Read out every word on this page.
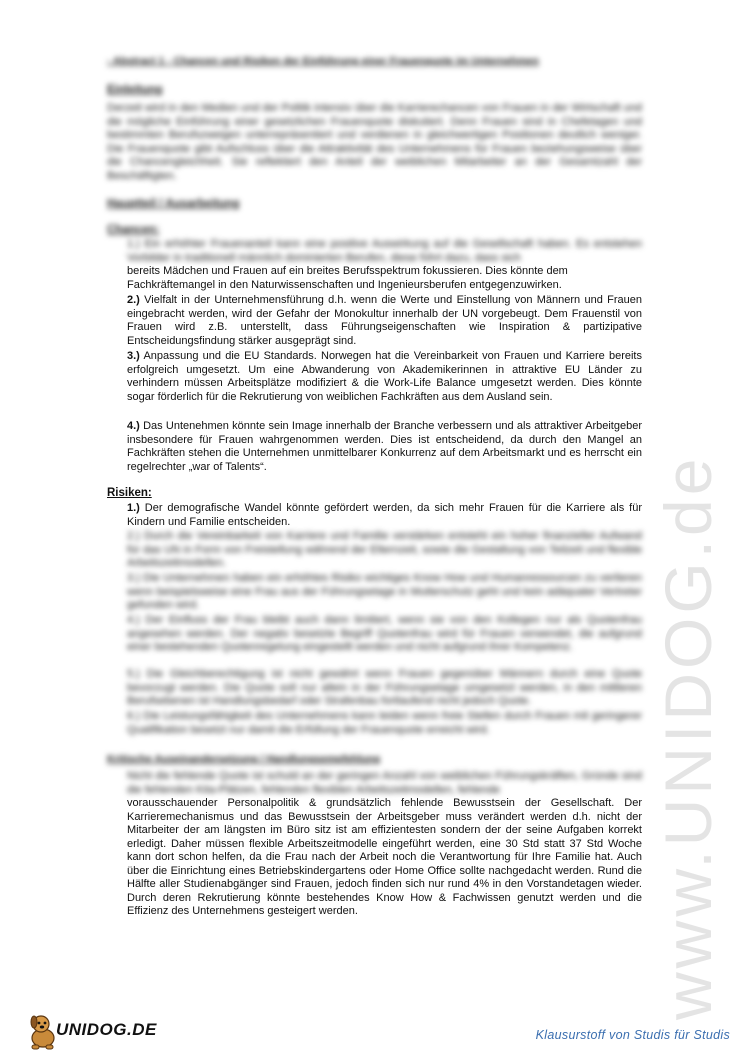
www.UNIDOG.de
- Abstract 1 - Chancen und Risiken der Einführung einer Frauenquote im Unternehmen
Einleitung

Derzeit wird in den Medien und der Politik intensiv über die Karrierechancen von Frauen in der Wirtschaft und die mögliche Einführung einer gesetzlichen Frauenquote diskutiert. Denn Frauen sind in Chefetagen und bestimmten Berufszweigen unterrepräsentiert und verdienen in gleichwertigen Positionen deutlich weniger. Die Frauenquote gibt Aufschluss über die Attraktivität des Unternehmens für Frauen beziehungsweise über die Chancengleichheit. Sie reflektiert den Anteil der weiblichen Mitarbeiter an der Gesamtzahl der Beschäftigten.

Hauptteil / Ausarbeitung
Chancen:

1.) Ein erhöhter Frauenanteil kann eine positive Auswirkung auf die Gesellschaft haben. Es entstehen Vorbilder in traditionell männlich dominierten Berufen, diese führt dazu, dass sich

bereits Mädchen und Frauen auf ein breites Berufsspektrum fokussieren. Dies könnte dem

Fachkräftemangel in den Naturwissenschaften und Ingenieursberufen entgegenzuwirken.

2.) Vielfalt in der Unternehmensführung d.h. wenn die Werte und Einstellung von Männern und Frauen eingebracht werden, wird der Gefahr der Monokultur innerhalb der UN vorgebeugt. Dem Frauenstil von Frauen wird z.B. unterstellt, dass Führungseigenschaften wie Inspiration & partizipative Entscheidungsfindung stärker ausgeprägt sind.

3.) Anpassung und die EU Standards. Norwegen hat die Vereinbarkeit von Frauen und Karriere bereits erfolgreich umgesetzt. Um eine Abwanderung von Akademikerinnen in attraktive EU Länder zu verhindern müssen Arbeitsplätze modifiziert & die Work-Life Balance umgesetzt werden. Dies könnte sogar förderlich für die Rekrutierung von weiblichen Fachkräften aus dem Ausland sein.

4.) Das Untenehmen könnte sein Image innerhalb der Branche verbessern und als attraktiver Arbeitgeber insbesondere für Frauen wahrgenommen werden. Dies ist entscheidend, da durch den Mangel an Fachkräften stehen die Unternehmen unmittelbarer Konkurrenz auf dem Arbeitsmarkt und es herrscht ein regelrechter „war of Talents“.

Risiken:

1.) Der demografische Wandel könnte gefördert werden, da sich mehr Frauen für die Karriere als für Kindern und Familie entscheiden.

2.) Durch die Vereinbarkeit von Karriere und Familie verstärken entsteht ein hoher finanzieller Aufwand für das UN in Form von Freistellung während der Elternzeit, sowie die Gestaltung von Teilzeit und flexible Arbeitszeitmodellen.

3.) Die Unternehmen haben ein erhöhtes Risiko wichtiges Know How und Humanressourcen zu verlieren wenn beispielsweise eine Frau aus der Führungsetage in Mutterschutz geht und kein adäquater Vertreter gefunden wird.

4.) Der Einfluss der Frau bleibt auch dann limitiert, wenn sie von den Kollegen nur als Quotenfrau angesehen werden. Der negativ besetzte Begriff Quotenfrau wird für Frauen verwendet, die aufgrund einer bestehenden Quotenregelung eingestellt werden und nicht aufgrund ihrer Kompetenz.

5.) Die Gleichberechtigung ist nicht gewährt wenn Frauen gegenüber Männern durch eine Quote bevorzugt werden. Die Quote soll nur allein in der Führungsetage umgesetzt werden, in den mittleren Berufsebenen ist Handlungsbedarf oder Strafenbau fortlaufend nicht jedoch Quote.

6.) Die Leistungsfähigkeit des Unternehmens kann leiden wenn freie Stellen durch Frauen mit geringerer Qualifikation besetzt nur damit die Erfüllung der Frauenquote erreicht wird.

Kritische Auseinandersetzung / Handlungsempfehlung

Nicht die fehlende Quote ist schuld an der geringen Anzahl von weiblichen Führungskräften, Gründe sind die fehlenden Kita-Plätzen, fehlenden flexiblen Arbeitszeitmodellen, fehlende

vorausschauender Personalpolitik & grundsätzlich fehlende Bewusstsein der Gesellschaft. Der Karrieremechanismus und das Bewusstsein der Arbeitsgeber muss verändert werden d.h. nicht der Mitarbeiter der am längsten im Büro sitz ist am effizientesten sondern der der seine Aufgaben korrekt erledigt. Daher müssen flexible Arbeitszeitmodelle eingeführt werden, eine 30 Std statt 37 Std Woche kann dort schon helfen, da die Frau nach der Arbeit noch die Verantwortung für Ihre Familie hat. Auch über die Einrichtung eines Betriebskindergartens oder Home Office sollte nachgedacht werden. Rund die Hälfte aller Studienabgänger sind Frauen, jedoch finden sich nur rund 4% in den Vorstandetagen wieder. Durch deren Rekrutierung könnte bestehendes Know How & Fachwissen genutzt werden und die Effizienz des Unternehmens gesteigert werden.

UNIDOG.DE	Klausurstoff von Studis für Studis
